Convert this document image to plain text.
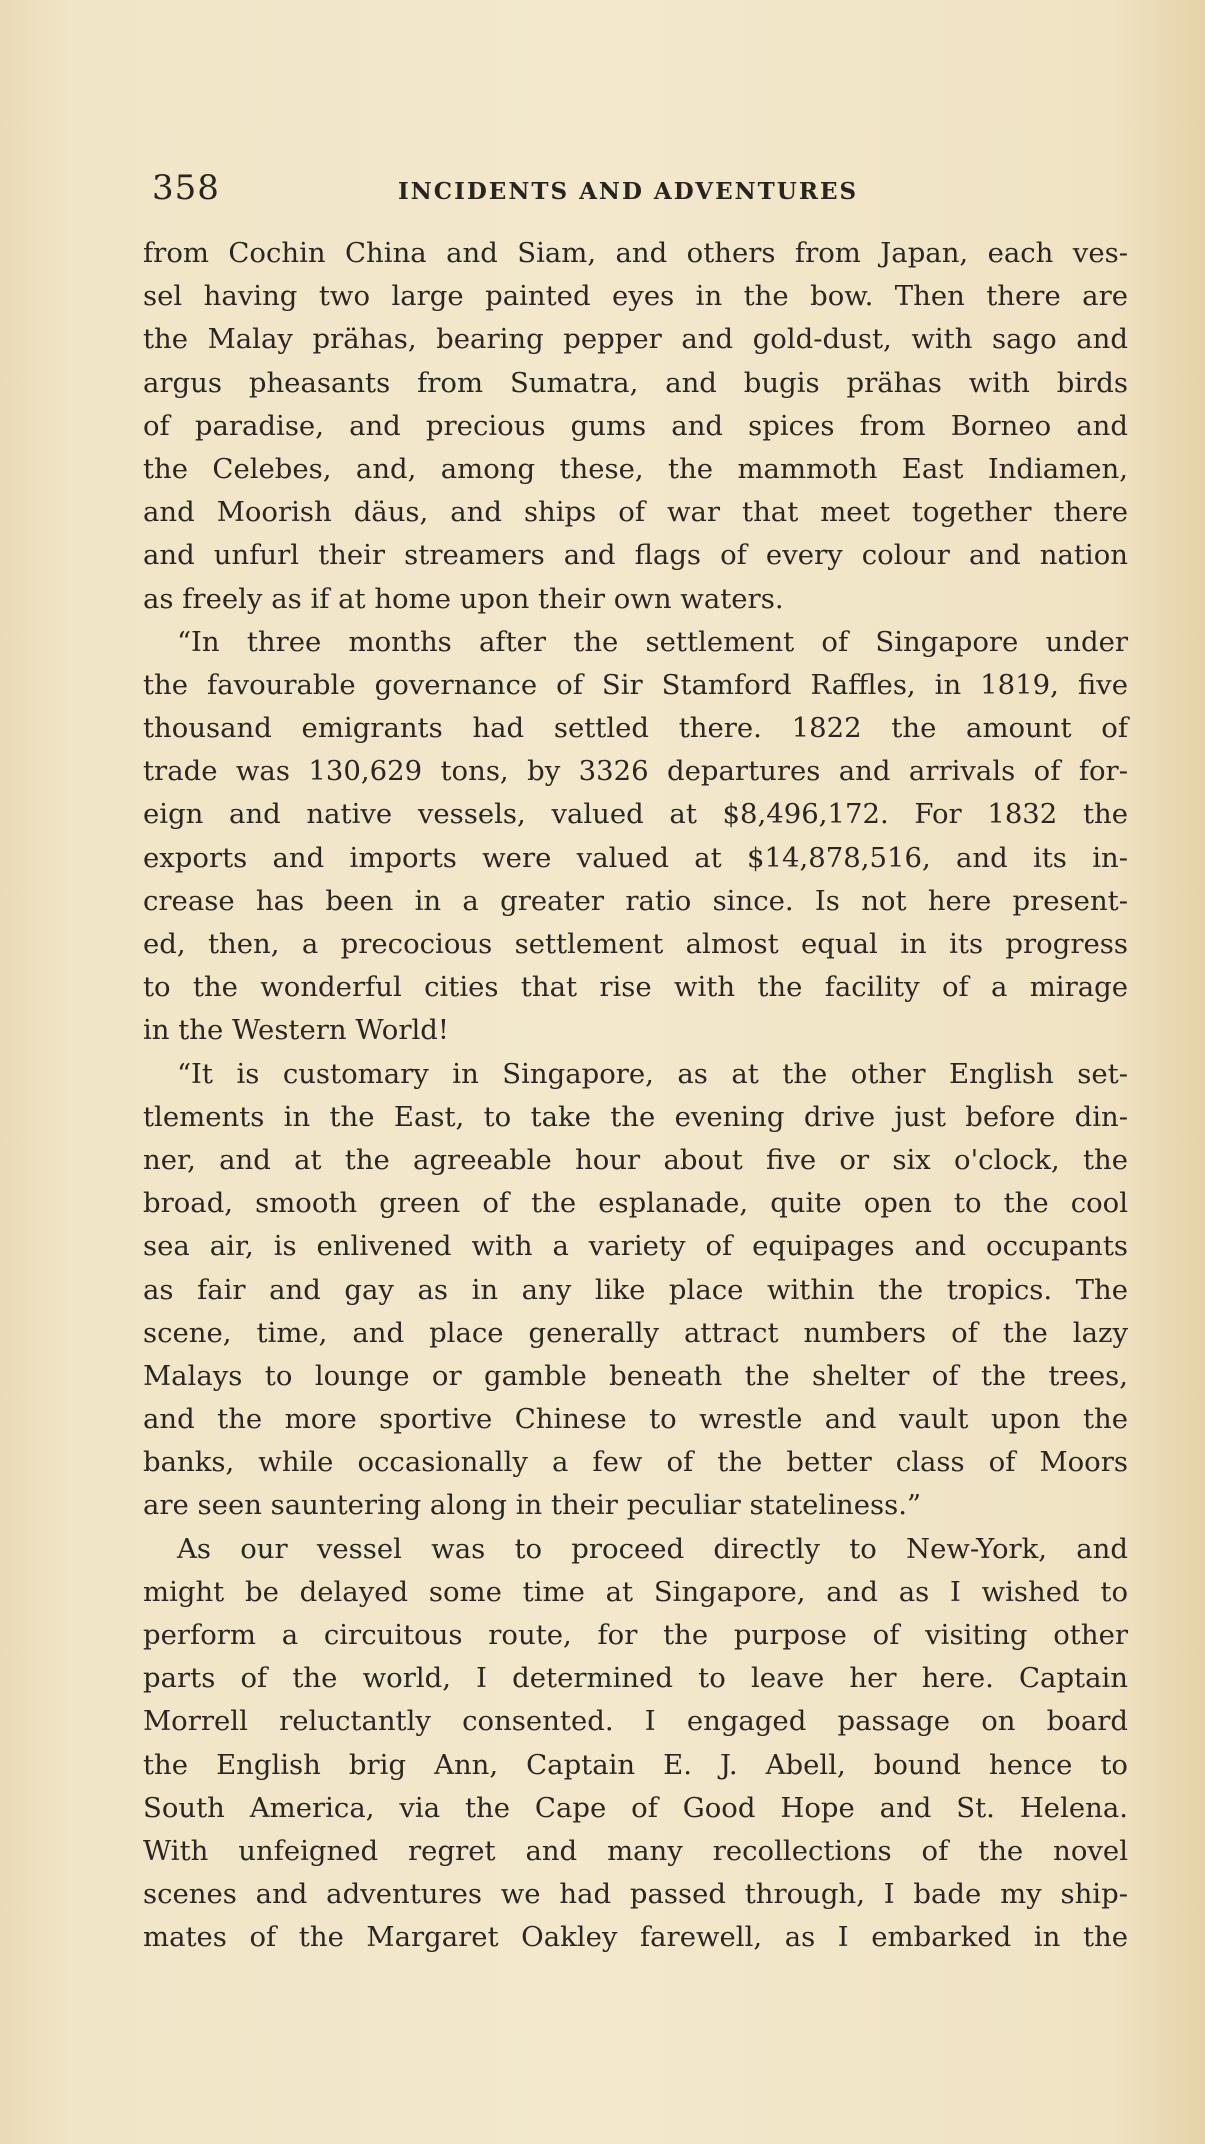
358	INCIDENTS AND ADVENTURES
from Cochin China and Siam, and others from Japan, each ves-
sel having two large painted eyes in the bow. Then there are
the Malay prähas, bearing pepper and gold-dust, with sago and
argus pheasants from Sumatra, and bugis prähas with birds
of paradise, and precious gums and spices from Borneo and
the Celebes, and, among these, the mammoth East Indiamen,
and Moorish däus, and ships of war that meet together there
and unfurl their streamers and flags of every colour and nation
as freely as if at home upon their own waters.
“In three months after the settlement of Singapore under
the favourable governance of Sir Stamford Raffles, in 1819, five
thousand emigrants had settled there. 1822 the amount of
trade was 130,629 tons, by 3326 departures and arrivals of for-
eign and native vessels, valued at $8,496,172. For 1832 the
exports and imports were valued at $14,878,516, and its in-
crease has been in a greater ratio since. Is not here present-
ed, then, a precocious settlement almost equal in its progress
to the wonderful cities that rise with the facility of a mirage
in the Western World!
“It is customary in Singapore, as at the other English set-
tlements in the East, to take the evening drive just before din-
ner, and at the agreeable hour about five or six o'clock, the
broad, smooth green of the esplanade, quite open to the cool
sea air, is enlivened with a variety of equipages and occupants
as fair and gay as in any like place within the tropics. The
scene, time, and place generally attract numbers of the lazy
Malays to lounge or gamble beneath the shelter of the trees,
and the more sportive Chinese to wrestle and vault upon the
banks, while occasionally a few of the better class of Moors
are seen sauntering along in their peculiar stateliness.”
As our vessel was to proceed directly to New-York, and
might be delayed some time at Singapore, and as I wished to
perform a circuitous route, for the purpose of visiting other
parts of the world, I determined to leave her here. Captain
Morrell reluctantly consented. I engaged passage on board
the English brig Ann, Captain E. J. Abell, bound hence to
South America, via the Cape of Good Hope and St. Helena.
With unfeigned regret and many recollections of the novel
scenes and adventures we had passed through, I bade my ship-
mates of the Margaret Oakley farewell, as I embarked in the
